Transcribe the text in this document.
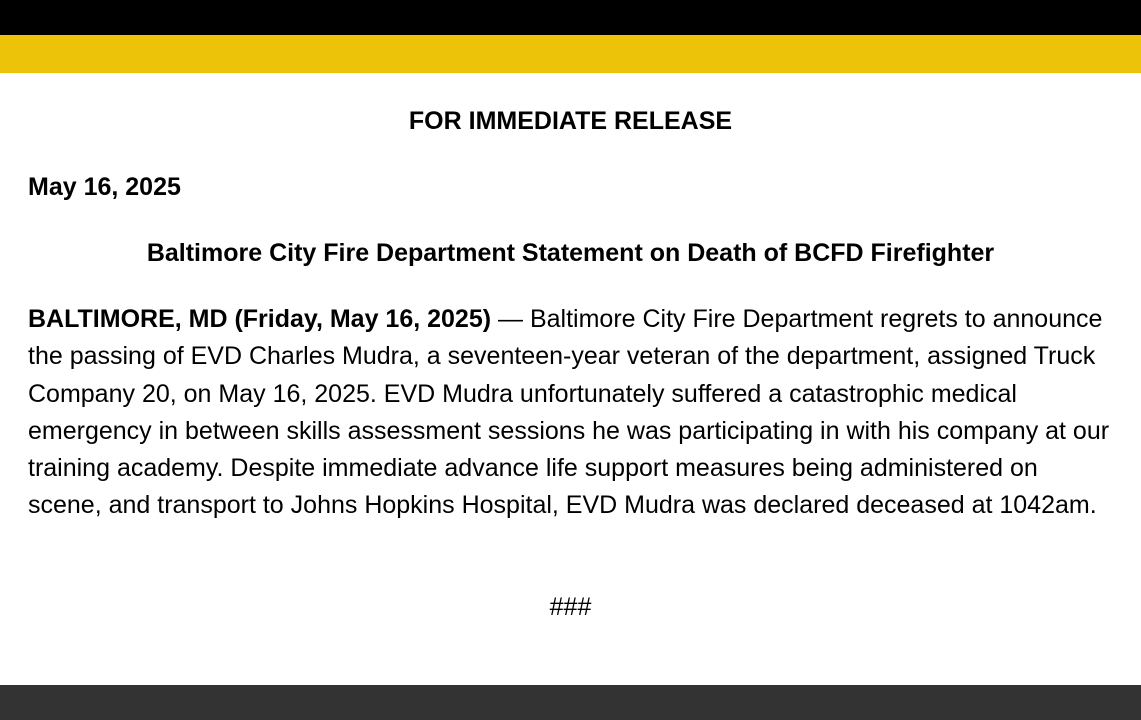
FOR IMMEDIATE RELEASE
May 16, 2025
Baltimore City Fire Department Statement on Death of BCFD Firefighter

BALTIMORE, MD (Friday, May 16, 2025) — Baltimore City Fire Department regrets to announce the passing of EVD Charles Mudra, a seventeen-year veteran of the department, assigned Truck Company 20, on May 16, 2025. EVD Mudra unfortunately suffered a catastrophic medical emergency in between skills assessment sessions he was participating in with his company at our training academy. Despite immediate advance life support measures being administered on scene, and transport to Johns Hopkins Hospital, EVD Mudra was declared deceased at 1042am.

###
